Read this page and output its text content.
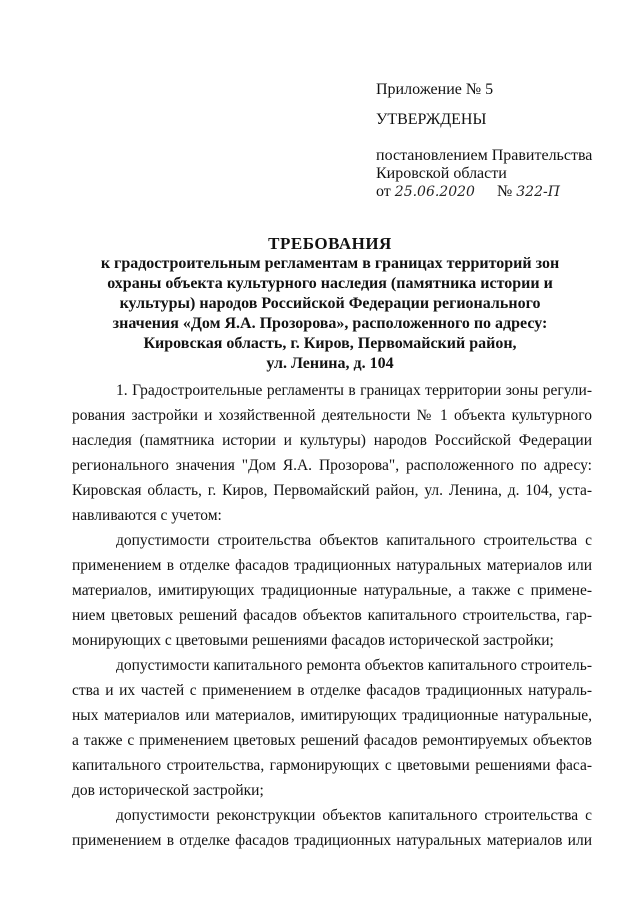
Приложение № 5
УТВЕРЖДЕНЫ
постановлением Правительства
Кировской области
от 25.06.2020 № 322-П
ТРЕБОВАНИЯ
к градостроительным регламентам в границах территорий зон
охраны объекта культурного наследия (памятника истории и
культуры) народов Российской Федерации регионального
значения «Дом Я.А. Прозорова», расположенного по адресу:
Кировская область, г. Киров, Первомайский район,
ул. Ленина, д. 104
1. Градостроительные регламенты в границах территории зоны регули-
рования застройки и хозяйственной деятельности № 1 объекта культурного
наследия (памятника истории и культуры) народов Российской Федерации
регионального значения "Дом Я.А. Прозорова", расположенного по адресу:
Кировская область, г. Киров, Первомайский район, ул. Ленина, д. 104, уста-
навливаются с учетом:
допустимости строительства объектов капитального строительства с
применением в отделке фасадов традиционных натуральных материалов или
материалов, имитирующих традиционные натуральные, а также с примене-
нием цветовых решений фасадов объектов капитального строительства, гар-
монирующих с цветовыми решениями фасадов исторической застройки;
допустимости капитального ремонта объектов капитального строитель-
ства и их частей с применением в отделке фасадов традиционных натураль-
ных материалов или материалов, имитирующих традиционные натуральные,
а также с применением цветовых решений фасадов ремонтируемых объектов
капитального строительства, гармонирующих с цветовыми решениями фаса-
дов исторической застройки;
допустимости реконструкции объектов капитального строительства с
применением в отделке фасадов традиционных натуральных материалов или
